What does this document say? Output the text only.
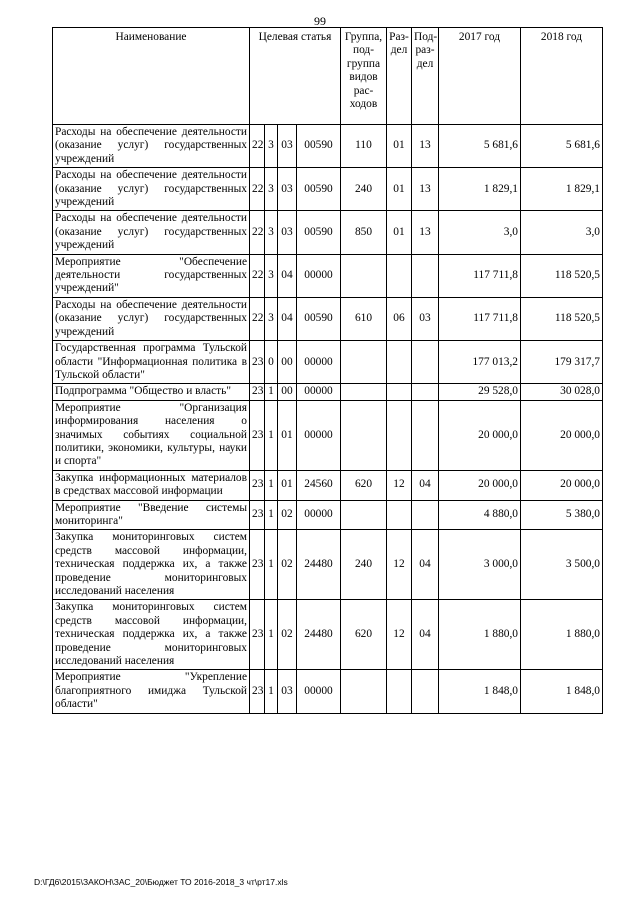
99
Наименование	Целевая статья				Группа, под-группа видов рас-ходов	Раз-дел	Под-раз-дел	2017 год	2018 год
Расходы на обеспечение деятельности (оказание услуг) государственных учреждений	22	3	03	00590	110	01	13	5 681,6	5 681,6
Расходы на обеспечение деятельности (оказание услуг) государственных учреждений	22	3	03	00590	240	01	13	1 829,1	1 829,1
Расходы на обеспечение деятельности (оказание услуг) государственных учреждений	22	3	03	00590	850	01	13	3,0	3,0
Мероприятие "Обеспечение деятельности государственных учреждений"	22	3	04	00000				117 711,8	118 520,5
Расходы на обеспечение деятельности (оказание услуг) государственных учреждений	22	3	04	00590	610	06	03	117 711,8	118 520,5
Государственная программа Тульской области "Информационная политика в Тульской области"	23	0	00	00000				177 013,2	179 317,7
Подпрограмма "Общество и власть"	23	1	00	00000				29 528,0	30 028,0
Мероприятие "Организация информирования населения о значимых событиях социальной политики, экономики, культуры, науки и спорта"	23	1	01	00000				20 000,0	20 000,0
Закупка информационных материалов в средствах массовой информации	23	1	01	24560	620	12	04	20 000,0	20 000,0
Мероприятие "Введение системы мониторинга"	23	1	02	00000				4 880,0	5 380,0
Закупка мониторинговых систем средств массовой информации, техническая поддержка их, а также проведение мониторинговых исследований населения	23	1	02	24480	240	12	04	3 000,0	3 500,0
Закупка мониторинговых систем средств массовой информации, техническая поддержка их, а также проведение мониторинговых исследований населения	23	1	02	24480	620	12	04	1 880,0	1 880,0
Мероприятие "Укрепление благоприятного имиджа Тульской области"	23	1	03	00000				1 848,0	1 848,0
D:\ГД6\2015\ЗАКОН\ЗАС_20\Бюджет ТО 2016-2018_3 чт\рт17.xls
